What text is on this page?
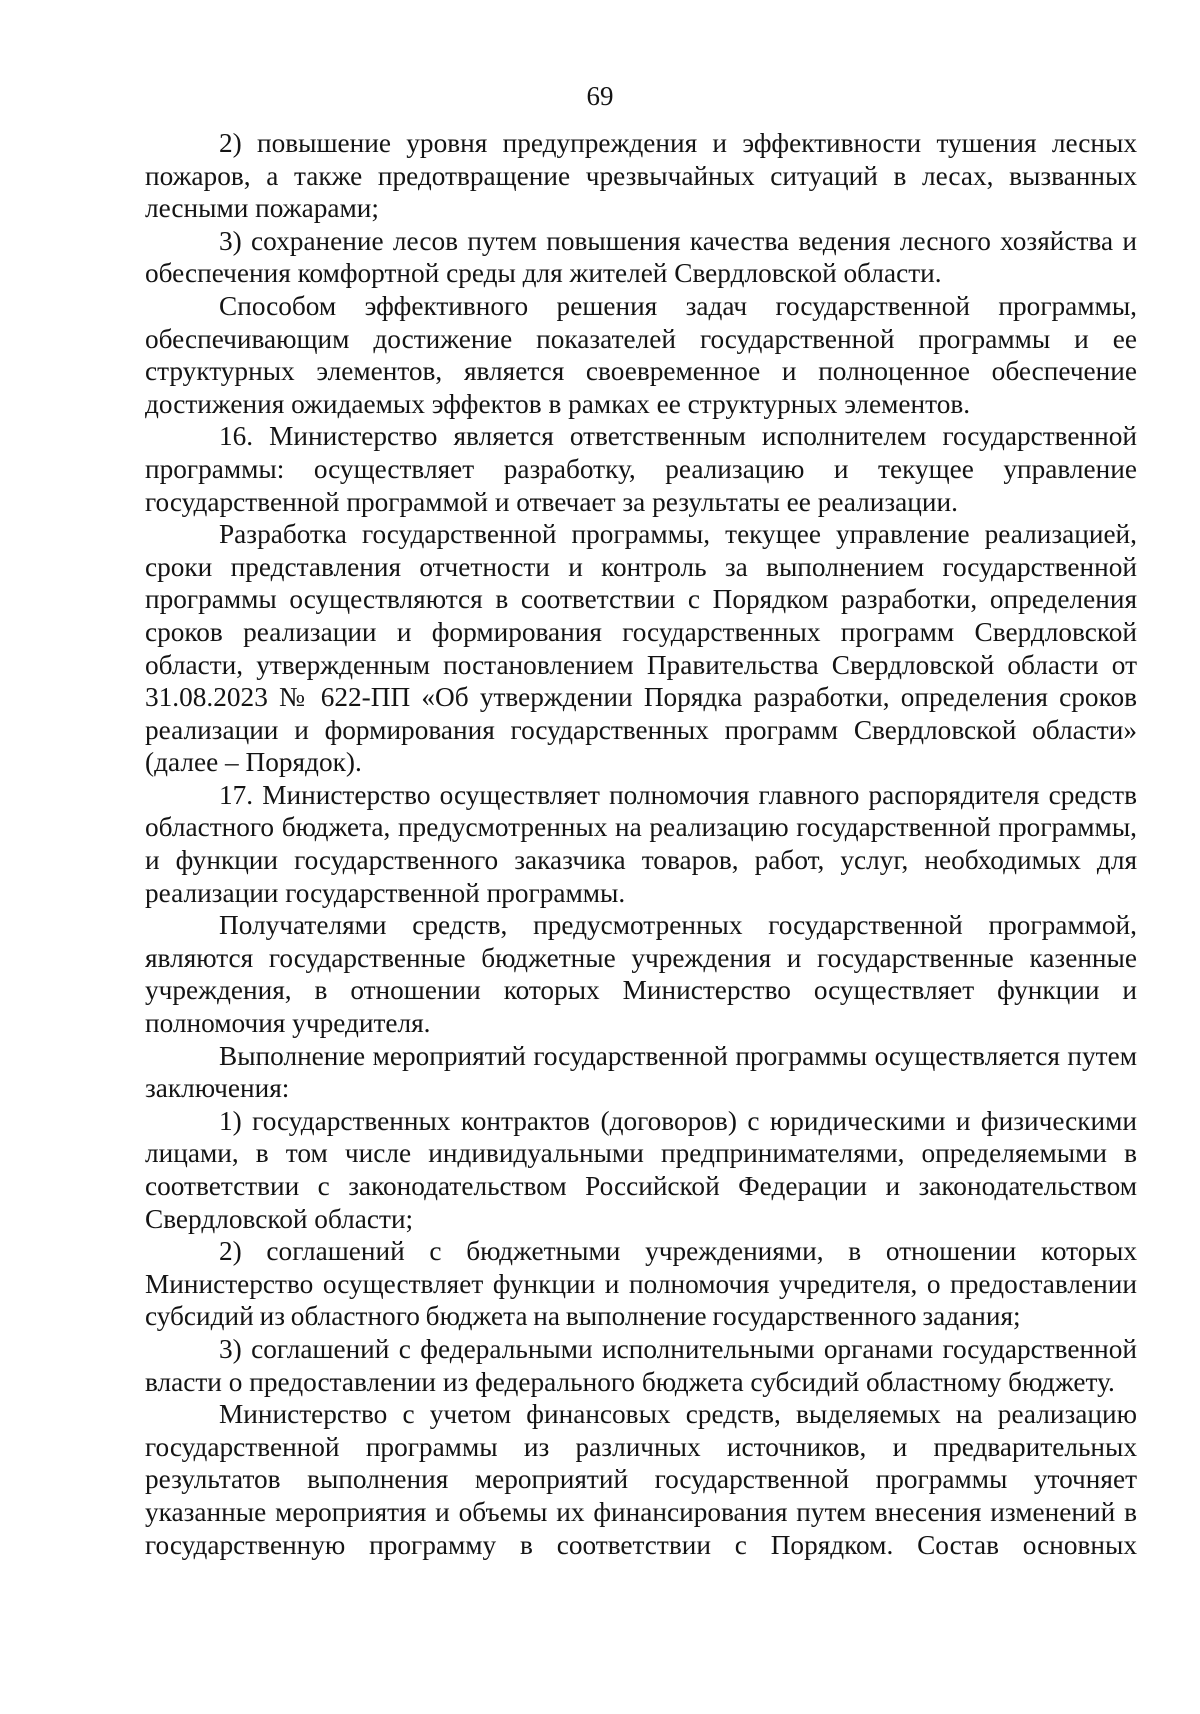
69

2) повышение уровня предупреждения и эффективности тушения лесных пожаров, а также предотвращение чрезвычайных ситуаций в лесах, вызванных лесными пожарами;

3) сохранение лесов путем повышения качества ведения лесного хозяйства и обеспечения комфортной среды для жителей Свердловской области.

Способом эффективного решения задач государственной программы, обеспечивающим достижение показателей государственной программы и ее структурных элементов, является своевременное и полноценное обеспечение достижения ожидаемых эффектов в рамках ее структурных элементов.

16. Министерство является ответственным исполнителем государственной программы: осуществляет разработку, реализацию и текущее управление государственной программой и отвечает за результаты ее реализации.

Разработка государственной программы, текущее управление реализацией, сроки представления отчетности и контроль за выполнением государственной программы осуществляются в соответствии с Порядком разработки, определения сроков реализации и формирования государственных программ Свердловской области, утвержденным постановлением Правительства Свердловской области от 31.08.2023 № 622-ПП «Об утверждении Порядка разработки, определения сроков реализации и формирования государственных программ Свердловской области» (далее – Порядок).

17. Министерство осуществляет полномочия главного распорядителя средств областного бюджета, предусмотренных на реализацию государственной программы, и функции государственного заказчика товаров, работ, услуг, необходимых для реализации государственной программы.

Получателями средств, предусмотренных государственной программой, являются государственные бюджетные учреждения и государственные казенные учреждения, в отношении которых Министерство осуществляет функции и полномочия учредителя.

Выполнение мероприятий государственной программы осуществляется путем заключения:

1) государственных контрактов (договоров) с юридическими и физическими лицами, в том числе индивидуальными предпринимателями, определяемыми в соответствии с законодательством Российской Федерации и законодательством Свердловской области;

2) соглашений с бюджетными учреждениями, в отношении которых Министерство осуществляет функции и полномочия учредителя, о предоставлении субсидий из областного бюджета на выполнение государственного задания;

3) соглашений с федеральными исполнительными органами государственной власти о предоставлении из федерального бюджета субсидий областному бюджету.

Министерство с учетом финансовых средств, выделяемых на реализацию государственной программы из различных источников, и предварительных результатов выполнения мероприятий государственной программы уточняет указанные мероприятия и объемы их финансирования путем внесения изменений в государственную программу в соответствии с Порядком. Состав основных
